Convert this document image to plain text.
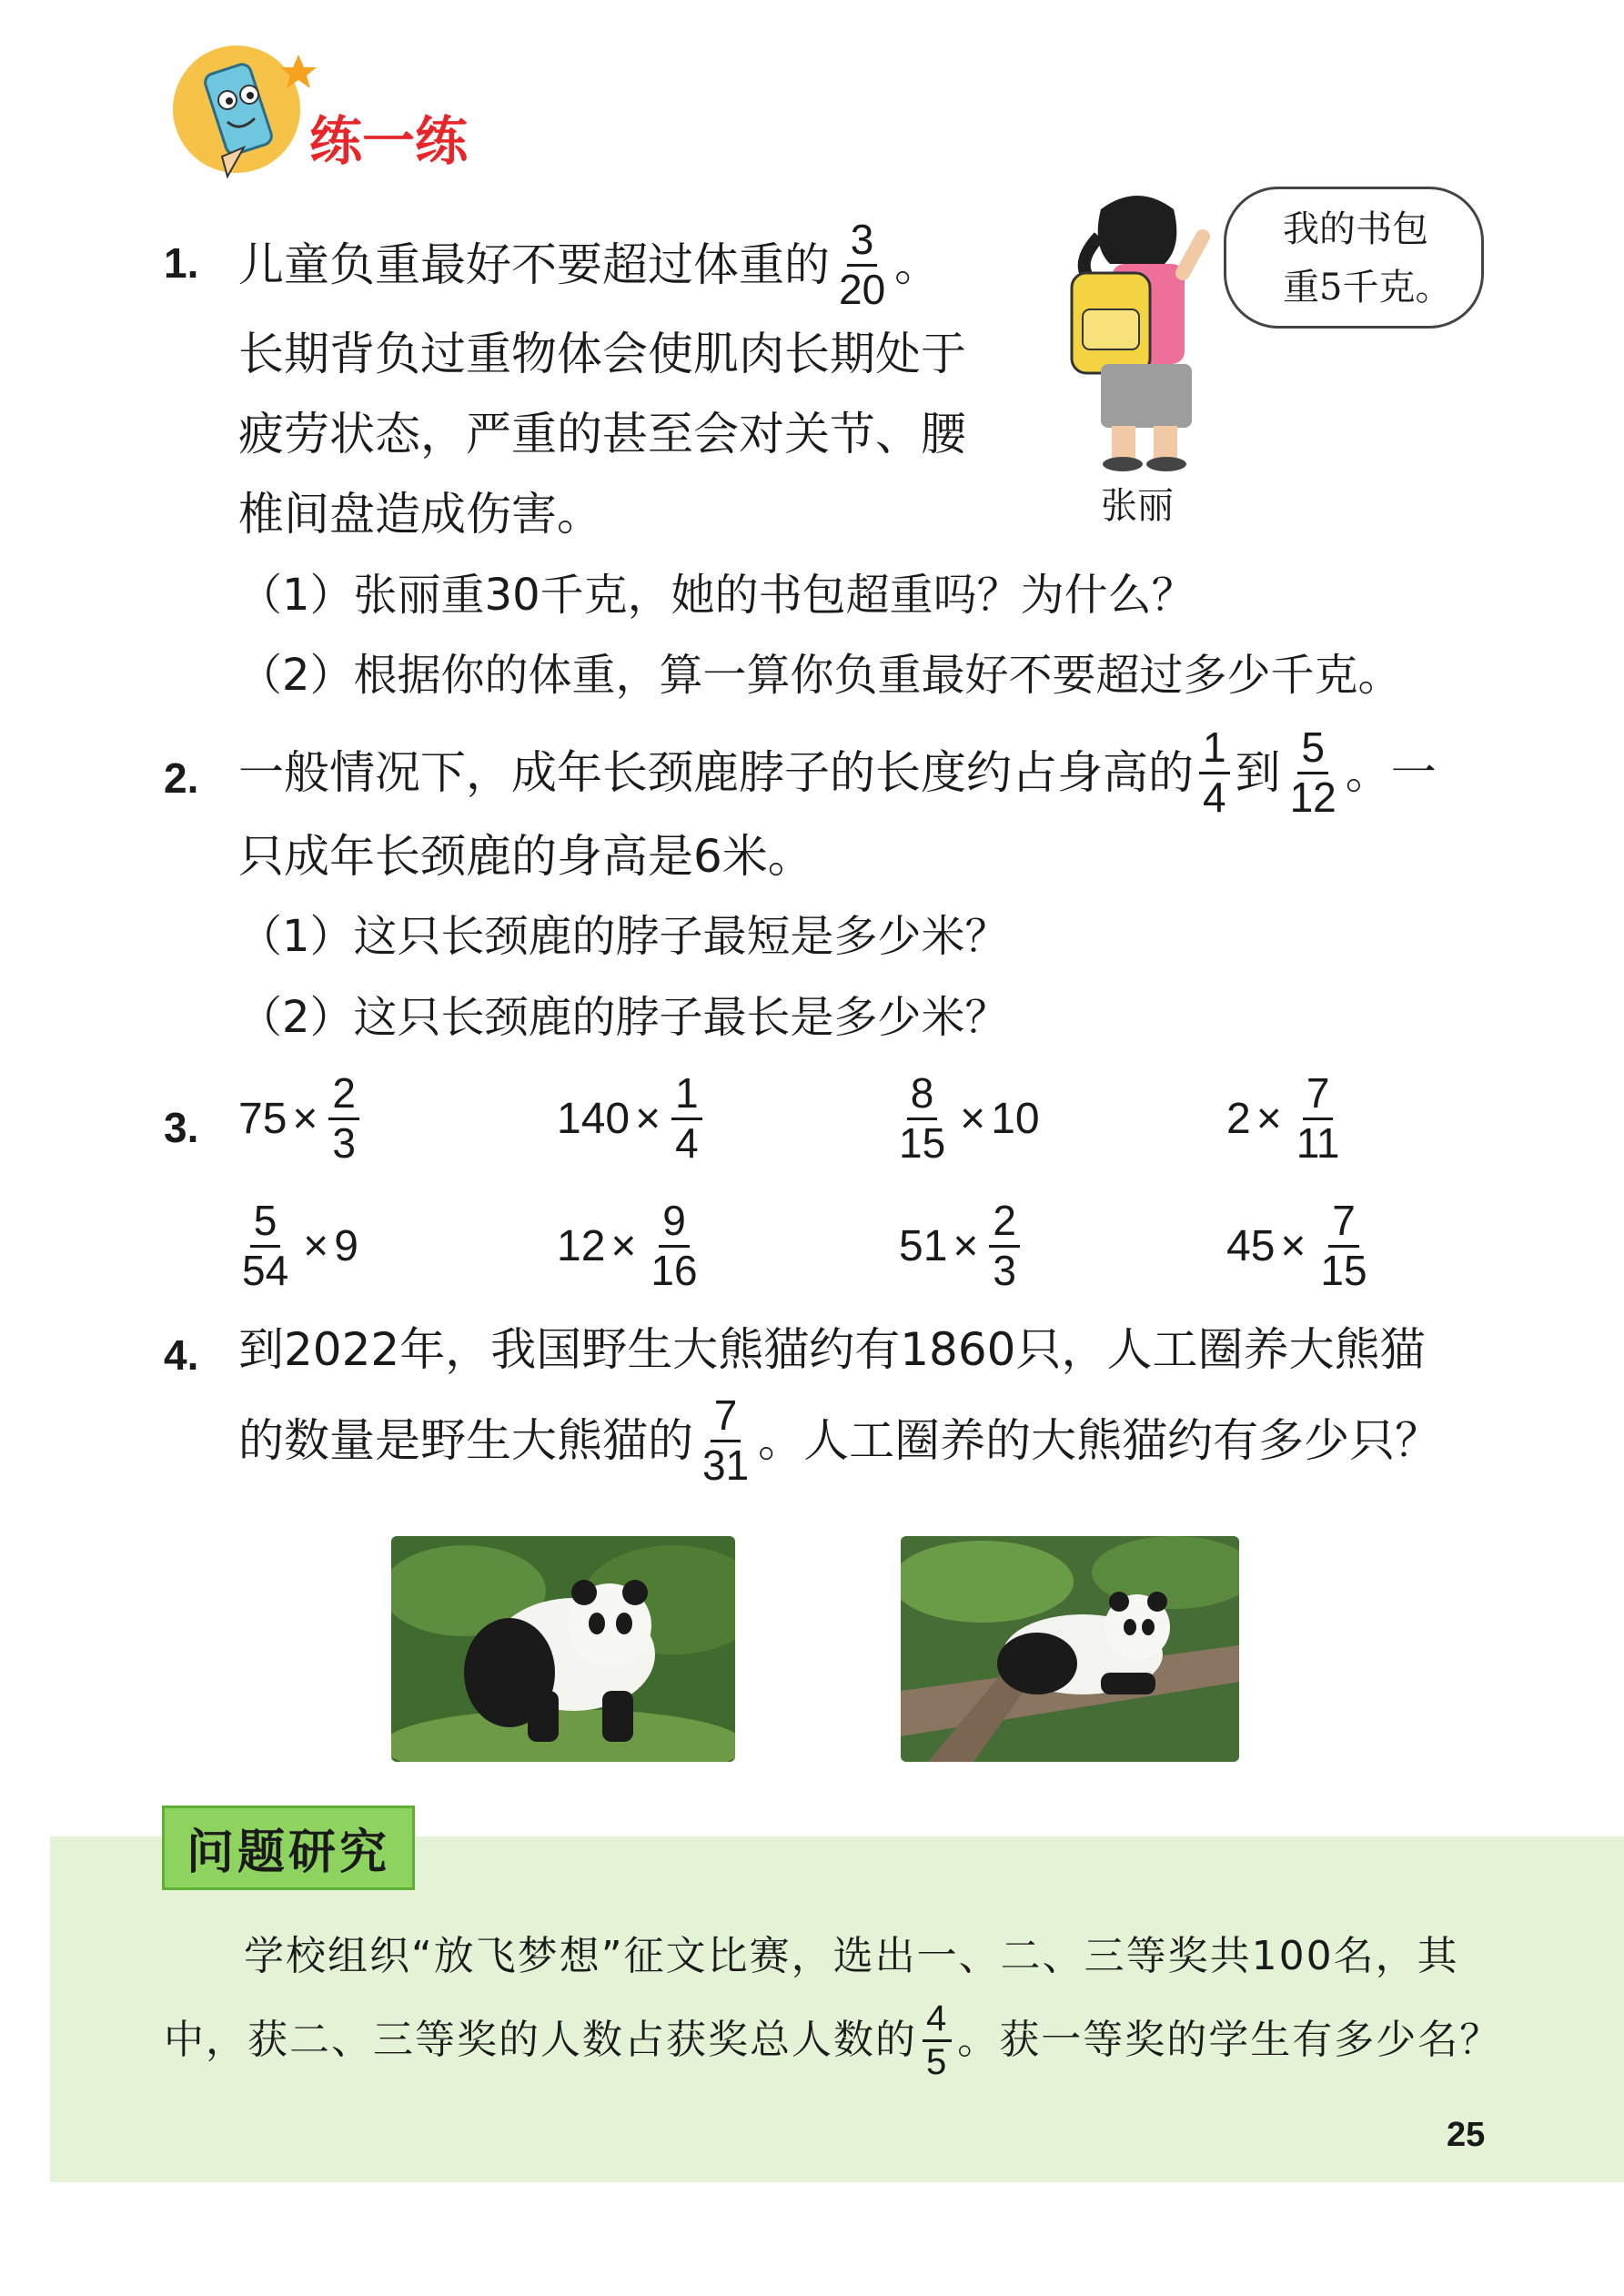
练一练
1. 儿童负重最好不要超过体重的 $\frac{3}{20}$ 。
长期背负过重物体会使肌肉长期处于
疲劳状态，严重的甚至会对关节、腰
椎间盘造成伤害。
（1）张丽重30千克，她的书包超重吗？为什么？
（2）根据你的体重，算一算你负重最好不要超过多少千克。
张丽
我的书包
重5千克。
2. 一般情况下，成年长颈鹿脖子的长度约占身高的 $\frac{1}{4}$ 到 $\frac{5}{12}$ 。一
只成年长颈鹿的身高是6米。
（1）这只长颈鹿的脖子最短是多少米？
（2）这只长颈鹿的脖子最长是多少米？
3. $75 \times \frac{2}{3}$	$140 \times \frac{1}{4}$	$\frac{8}{15} \times 10$	$2 \times \frac{7}{11}$
$\frac{5}{54} \times 9$	$12 \times \frac{9}{16}$	$51 \times \frac{2}{3}$	$45 \times \frac{7}{15}$
4. 到2022年，我国野生大熊猫约有1860只，人工圈养大熊猫
的数量是野生大熊猫的 $\frac{7}{31}$ 。人工圈养的大熊猫约有多少只？
问题研究
学校组织“放飞梦想”征文比赛，选出一、二、三等奖共100名，其
中，获二、三等奖的人数占获奖总人数的 $\frac{4}{5}$ 。获一等奖的学生有多少名？
25
